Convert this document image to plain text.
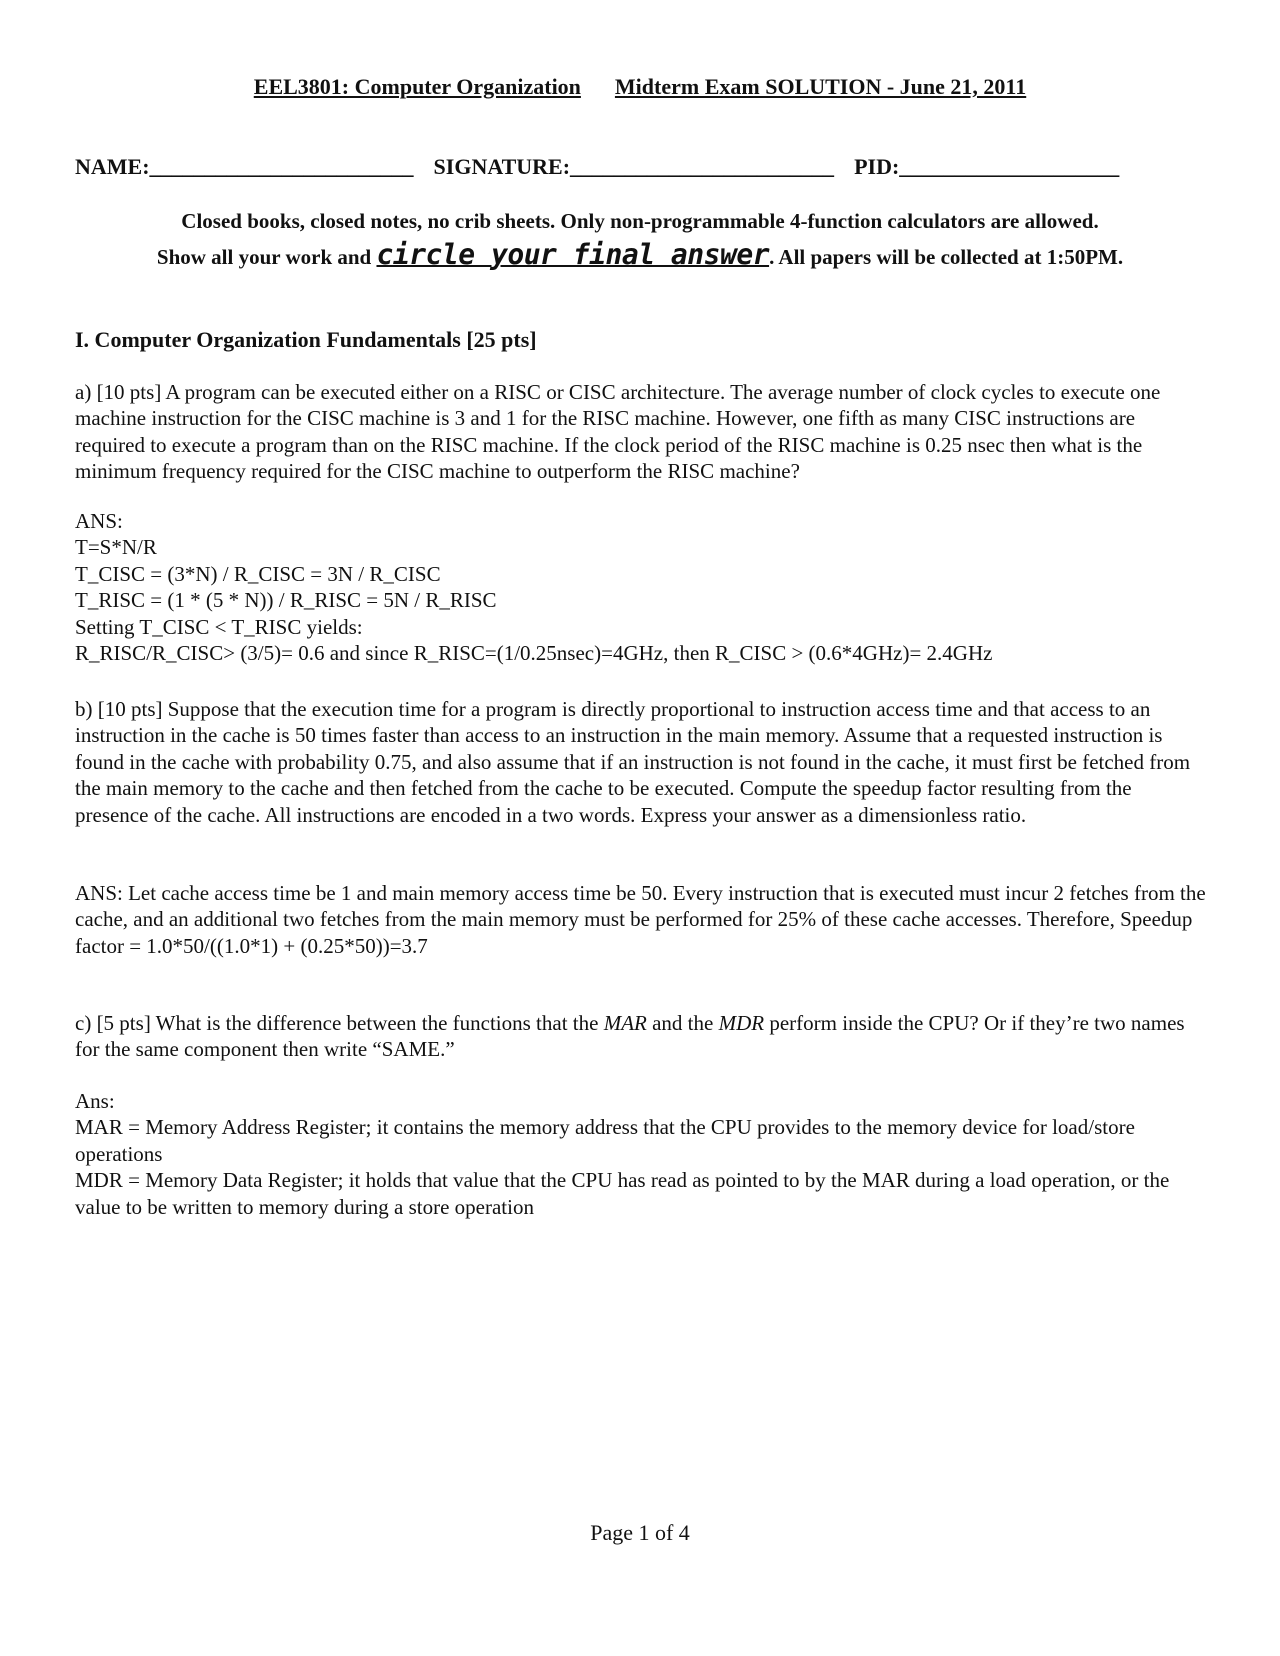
EEL3801: Computer Organization Midterm Exam SOLUTION - June 21, 2011
NAME:________________________ SIGNATURE:________________________ PID:____________________
Closed books, closed notes, no crib sheets. Only non-programmable 4-function calculators are allowed.
Show all your work and circle your final answer. All papers will be collected at 1:50PM.
I. Computer Organization Fundamentals [25 pts]

a) [10 pts] A program can be executed either on a RISC or CISC architecture. The average number of clock cycles to execute one machine instruction for the CISC machine is 3 and 1 for the RISC machine. However, one fifth as many CISC instructions are required to execute a program than on the RISC machine. If the clock period of the RISC machine is 0.25 nsec then what is the minimum frequency required for the CISC machine to outperform the RISC machine?

ANS:
T=S*N/R
T_CISC = (3*N) / R_CISC = 3N / R_CISC
T_RISC = (1 * (5 * N)) / R_RISC = 5N / R_RISC
Setting T_CISC < T_RISC yields:
R_RISC/R_CISC> (3/5)= 0.6 and since R_RISC=(1/0.25nsec)=4GHz, then R_CISC > (0.6*4GHz)= 2.4GHz

b) [10 pts] Suppose that the execution time for a program is directly proportional to instruction access time and that access to an instruction in the cache is 50 times faster than access to an instruction in the main memory. Assume that a requested instruction is found in the cache with probability 0.75, and also assume that if an instruction is not found in the cache, it must first be fetched from the main memory to the cache and then fetched from the cache to be executed. Compute the speedup factor resulting from the presence of the cache. All instructions are encoded in a two words. Express your answer as a dimensionless ratio.

ANS: Let cache access time be 1 and main memory access time be 50. Every instruction that is executed must incur 2 fetches from the cache, and an additional two fetches from the main memory must be performed for 25% of these cache accesses. Therefore, Speedup factor = 1.0*50/((1.0*1) + (0.25*50))=3.7

c) [5 pts] What is the difference between the functions that the MAR and the MDR perform inside the CPU? Or if they’re two names for the same component then write “SAME.”

Ans:

MAR = Memory Address Register; it contains the memory address that the CPU provides to the memory device for load/store operations

MDR = Memory Data Register; it holds that value that the CPU has read as pointed to by the MAR during a load operation, or the value to be written to memory during a store operation

Page 1 of 4
